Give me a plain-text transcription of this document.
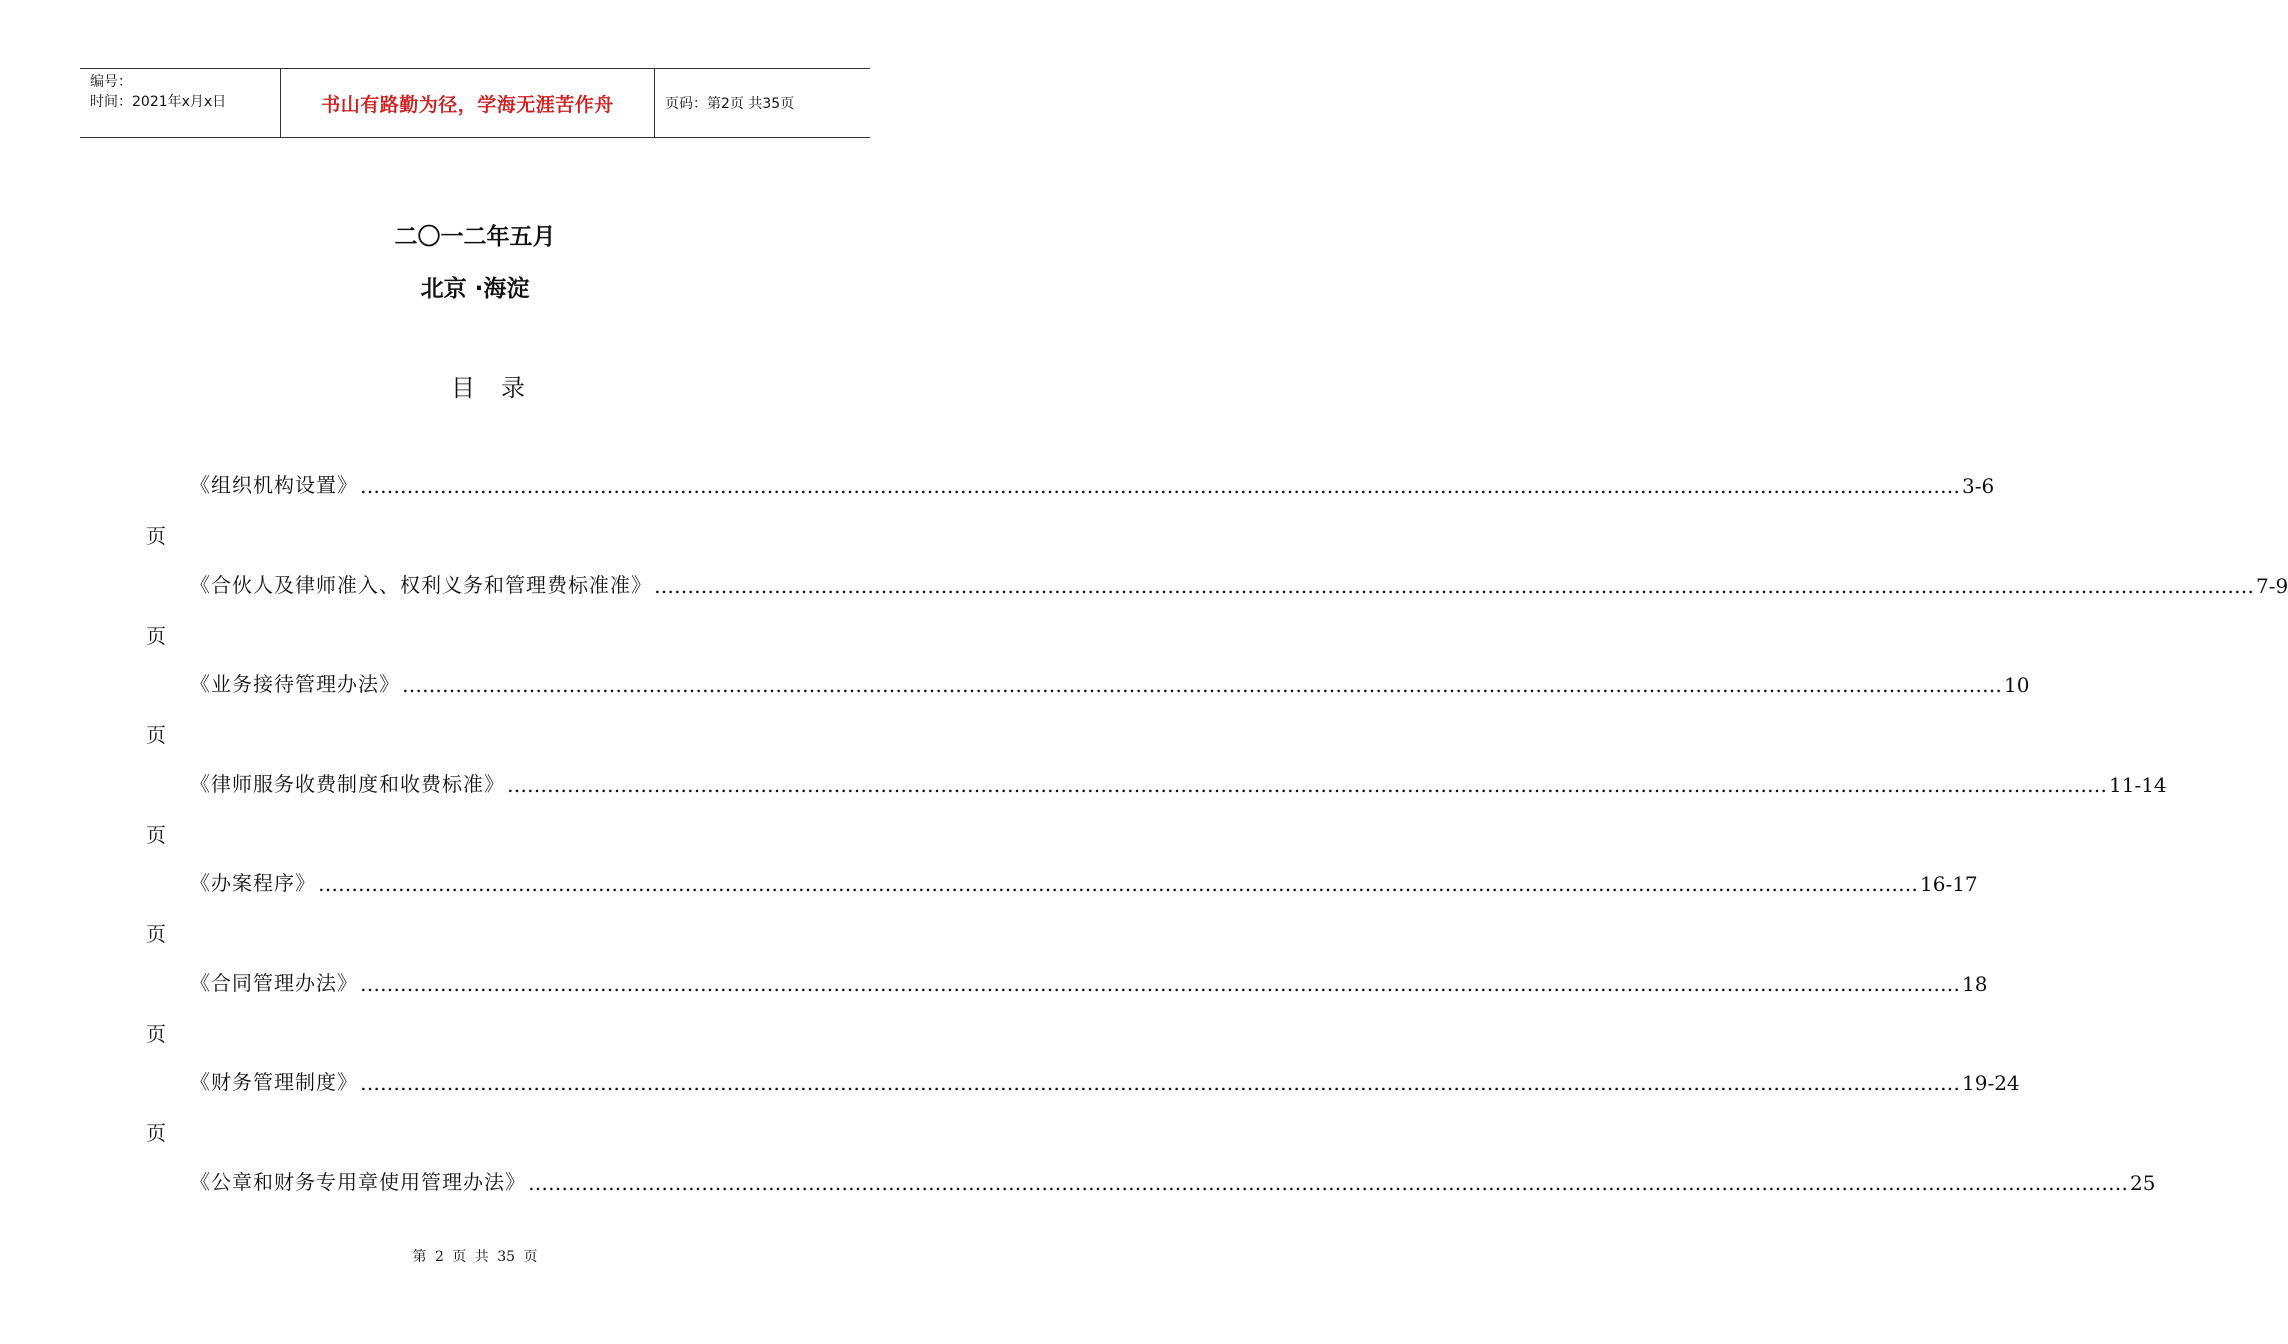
编号：
时间：2021年x月x日	书山有路勤为径，学海无涯苦作舟	页码：第2页 共35页
二〇一二年五月
北京 ·海淀
目录
《组织机构设置》 …………………………………………………………………………………………………………………………………………………………………………………………………………………… 3-6
页
《合伙人及律师准入、权利义务和管理费标准准》 …………………………………………………………………………………………………………………………………………………………………………………………………………………… 7-9
页
《业务接待管理办法》 …………………………………………………………………………………………………………………………………………………………………………………………………………………… 10
页
《律师服务收费制度和收费标准》 …………………………………………………………………………………………………………………………………………………………………………………………………………………… 11-14
页
《办案程序》 …………………………………………………………………………………………………………………………………………………………………………………………………………………… 16-17
页
《合同管理办法》 …………………………………………………………………………………………………………………………………………………………………………………………………………………… 18
页
《财务管理制度》 …………………………………………………………………………………………………………………………………………………………………………………………………………………… 19-24
页
《公章和财务专用章使用管理办法》 …………………………………………………………………………………………………………………………………………………………………………………………………………………… 25
第 2 页 共 35 页
